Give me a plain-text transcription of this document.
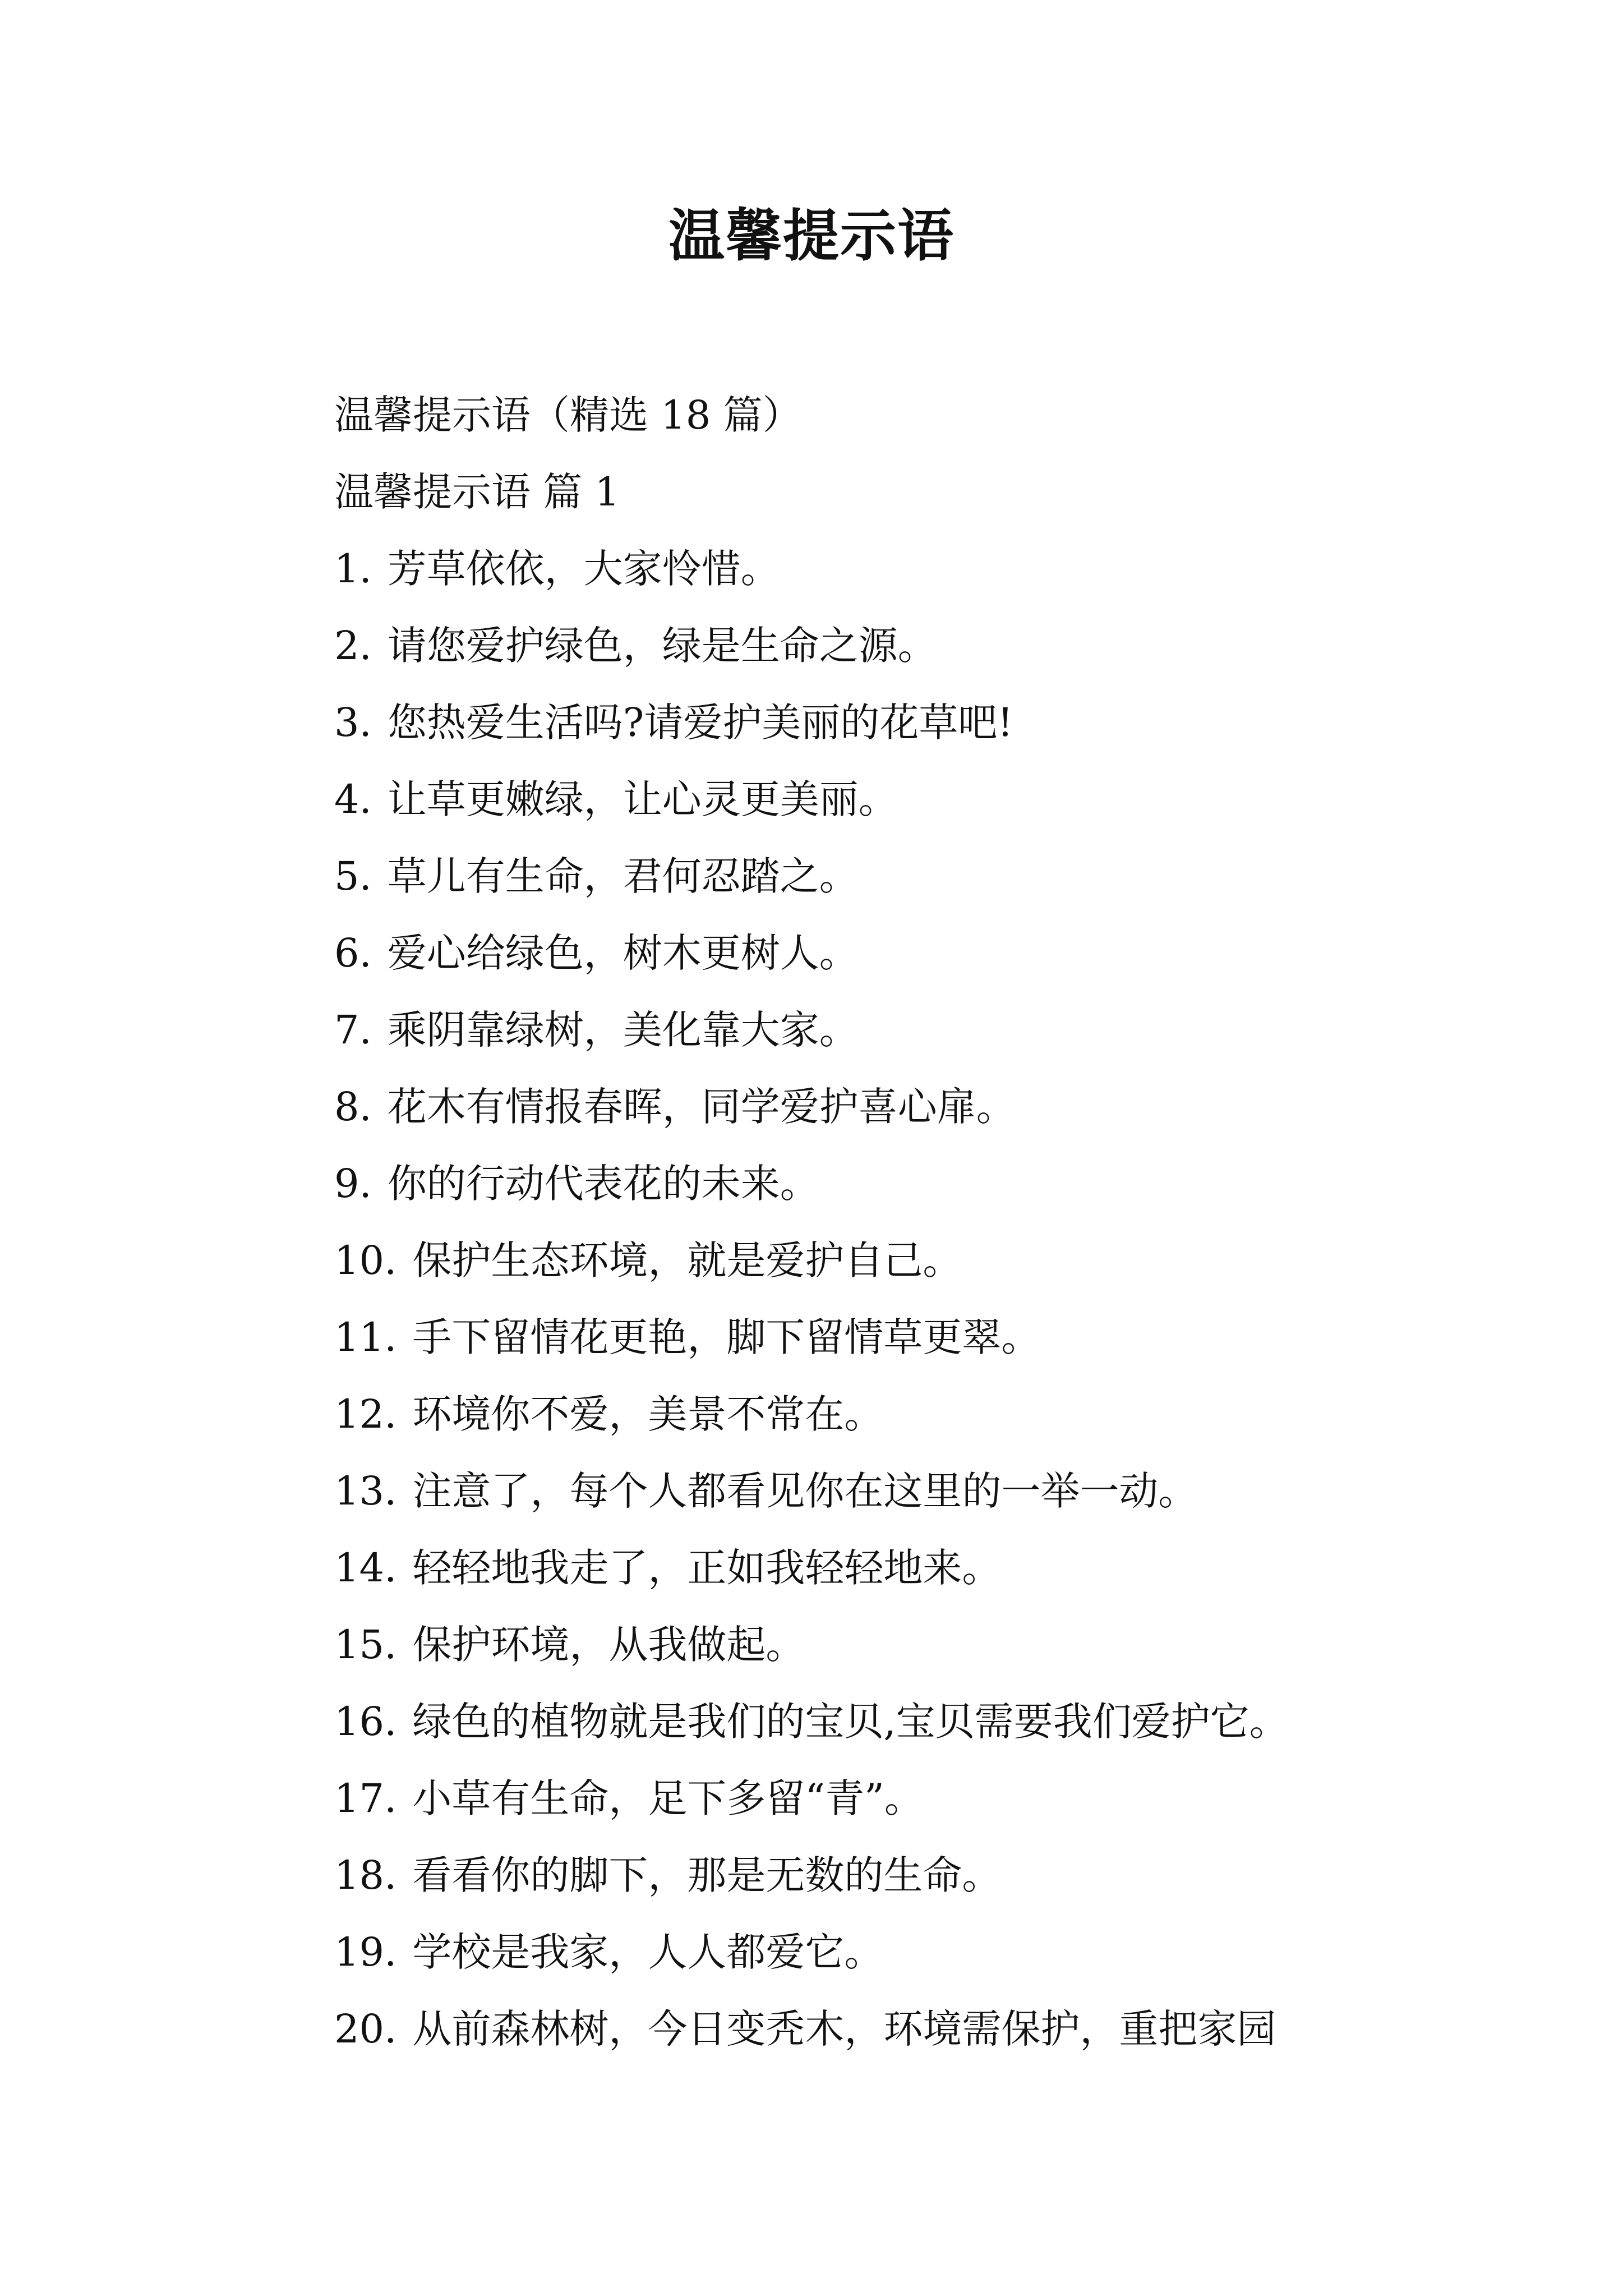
温馨提示语
温馨提示语（精选 18 篇）
温馨提示语 篇 1
1. 芳草依依，大家怜惜。
2. 请您爱护绿色，绿是生命之源。
3. 您热爱生活吗?请爱护美丽的花草吧!
4. 让草更嫩绿，让心灵更美丽。
5. 草儿有生命，君何忍踏之。
6. 爱心给绿色，树木更树人。
7. 乘阴靠绿树，美化靠大家。
8. 花木有情报春晖，同学爱护喜心扉。
9. 你的行动代表花的未来。
10. 保护生态环境，就是爱护自己。
11. 手下留情花更艳，脚下留情草更翠。
12. 环境你不爱，美景不常在。
13. 注意了，每个人都看见你在这里的一举一动。
14. 轻轻地我走了，正如我轻轻地来。
15. 保护环境，从我做起。
16. 绿色的植物就是我们的宝贝,宝贝需要我们爱护它。
17. 小草有生命，足下多留“青”。
18. 看看你的脚下，那是无数的生命。
19. 学校是我家，人人都爱它。
20. 从前森林树，今日变秃木，环境需保护，重把家园
